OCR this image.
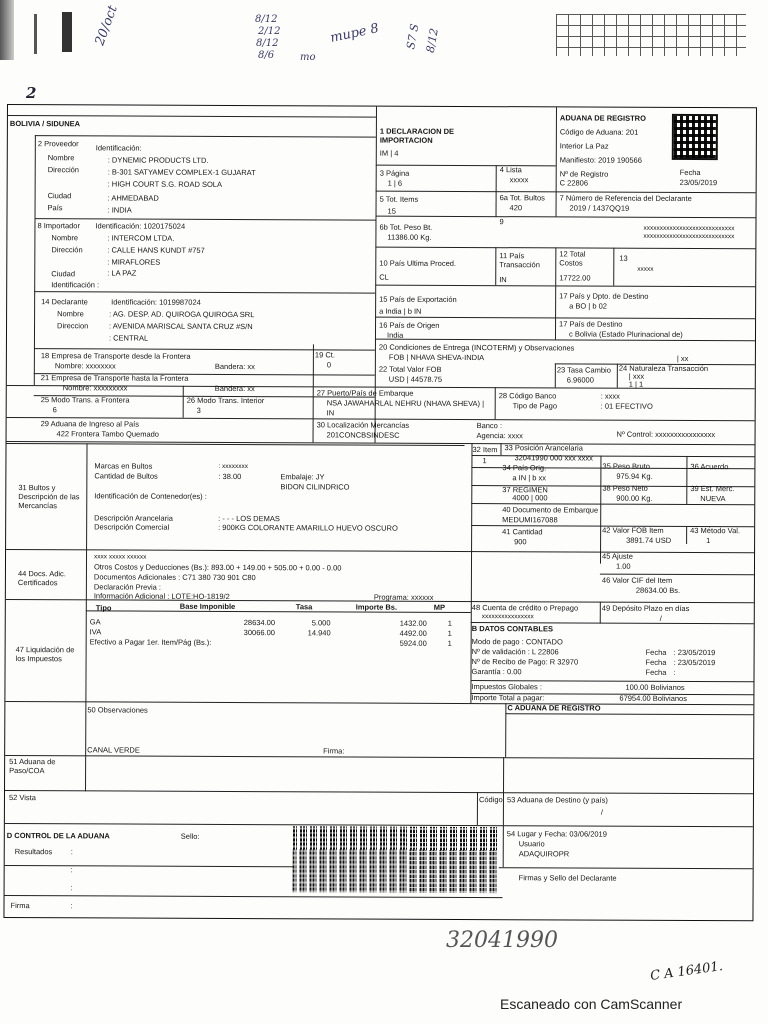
20/oct	8/12
2/12
8/12
8/6
mupe 8 S7 S 8/12
mo
2
BOLIVIA / SIDUNEA
1 DECLARACION DE IMPORTACION
IM | 4
ADUANA DE REGISTRO
Código de Aduana: 201
Interior La Paz
Manifiesto: 2019 190566
Nº de Registro
C 22806
Fecha
23/05/2019
2 Proveedor Identificación:
Nombre	: DYNEMIC PRODUCTS LTD.
Dirección	: B-301 SATYAMEV COMPLEX-1 GUJARAT
: HIGH COURT S.G. ROAD SOLA
Ciudad	: AHMEDABAD
País	: INDIA
3 Página
1 | 6
4 Lista
xxxxx
5 Tot. Items
15
6a Tot. Bultos
420
7 Número de Referencia del Declarante
2019 / 1437QQ19
6b Tot. Peso Bt.
11386.00 Kg.
9
xxxxxxxxxxxxxxxxxxxxxxxxxxxx
xxxxxxxxxxxxxxxxxxxxxxxxxxxx
10 País Ultima Proced.
CL
11 País Transacción
IN
12 Total Costos
17722.00
13
xxxxx
8 Importador Identificación: 1020175024
Nombre	: INTERCOM LTDA.
Dirección	: CALLE HANS KUNDT #757
: MIRAFLORES
Ciudad	: LA PAZ
Identificación :
14 Declarante	Identificación: 1019987024
Nombre	: AG. DESP. AD. QUIROGA QUIROGA SRL
Direccion	: AVENIDA MARISCAL SANTA CRUZ #S/N
: CENTRAL
15 País de Exportación
a India | b IN
16 País de Origen
India
17 País y Dpto. de Destino
a BO | b 02
17 País de Destino
c Bolivia (Estado Plurinacional de)
18 Empresa de Transporte desde la Frontera
Nombre: xxxxxxxx	Bandera: xx
19 Ct.
0
20 Condiciones de Entrega (INCOTERM) y Observaciones
FOB | NHAVA SHEVA-INDIA	| xx
21 Empresa de Transporte hasta la Frontera
Nombre: xxxxxxxxx	Bandera: xx
22 Total Valor FOB
USD | 44578.75
23 Tasa Cambio
6.96000
24 Naturaleza Transacción
| xxx
1 | 1
25 Modo Trans. a Frontera
6
26 Modo Trans. Interior
3
27 Puerto/País de Embarque
NSA JAWAHARLAL NEHRU (NHAVA SHEVA) |
IN
28 Código Banco	: xxxx
Tipo de Pago	: 01 EFECTIVO
29 Aduana de Ingreso al País
422 Frontera Tambo Quemado
30 Localización Mercancías
201CONCBSINDESC
Banco :
Agencia: xxxx	Nº Control: xxxxxxxxxxxxxxxx
32 Item
1
33 Posición Arancelaria
32041990 000 xxx xxxx
31 Bultos y Descripción de las Mercancías
Marcas en Bultos	: xxxxxxxx
Cantidad de Bultos	: 38.00	Embalaje: JY
BIDON CILINDRICO
Identificación de Contenedor(es) :
Descripción Arancelaria	: - - - LOS DEMAS
Descripción Comercial	: 900KG COLORANTE AMARILLO HUEVO OSCURO
34 País Orig.
a IN | b xx
35 Peso Bruto
975.94 Kg.
36 Acuerdo
37 REGIMEN
4000 | 000
38 Peso Neto
900.00 Kg.
39 Est. Merc.
NUEVA
40 Documento de Embarque
MEDUMI167088
41 Cantidad
900
42 Valor FOB Item
3891.74 USD
43 Método Val.
1
45 Ajuste
1.00
46 Valor CIF del Item
28634.00 Bs.
48 Cuenta de crédito o Prepago
xxxxxxxxxxxxxxxx
49 Depósito Plazo en días
/
44 Docs. Adic. Certificados
xxxx xxxxx xxxxxx
Otros Costos y Deducciones (Bs.): 893.00 + 149.00 + 505.00 + 0.00 - 0.00
Documentos Adicionales : C71 380 730 901 C80
Declaración Previa :
Información Adicional : LOTE:HO-1819/2	Programa: xxxxxx
47 Liquidación de los Impuestos
Tipo	Base Imponible	Tasa	Importe Bs.	MP
GA	28634.00	5.000	1432.00	1
IVA	30066.00	14.940	4492.00	1
Efectivo a Pagar 1er. Item/Pág (Bs.):	5924.00	1
B DATOS CONTABLES
Modo de pago : CONTADO
Nº de validación : L 22806
Nº de Recibo de Pago: R 32970
Garantía : 0.00
Fecha : 23/05/2019
Fecha : 23/05/2019
Fecha :
Impuestos Globales :	100.00 Bolivianos
Importe Total a pagar:	67954.00 Bolivianos
50 Observaciones
CANAL VERDE	Firma:
C ADUANA DE REGISTRO
51 Aduana de Paso/COA
52 Vista	Código 53 Aduana de Destino (y país)
/
D CONTROL DE LA ADUANA	Sello:
Resultados :
:
:
Firma	:
54 Lugar y Fecha: 03/06/2019
Usuario
ADAQUIROPR
Firmas y Sello del Declarante
32041990
C A 16401.
Escaneado con CamScanner
